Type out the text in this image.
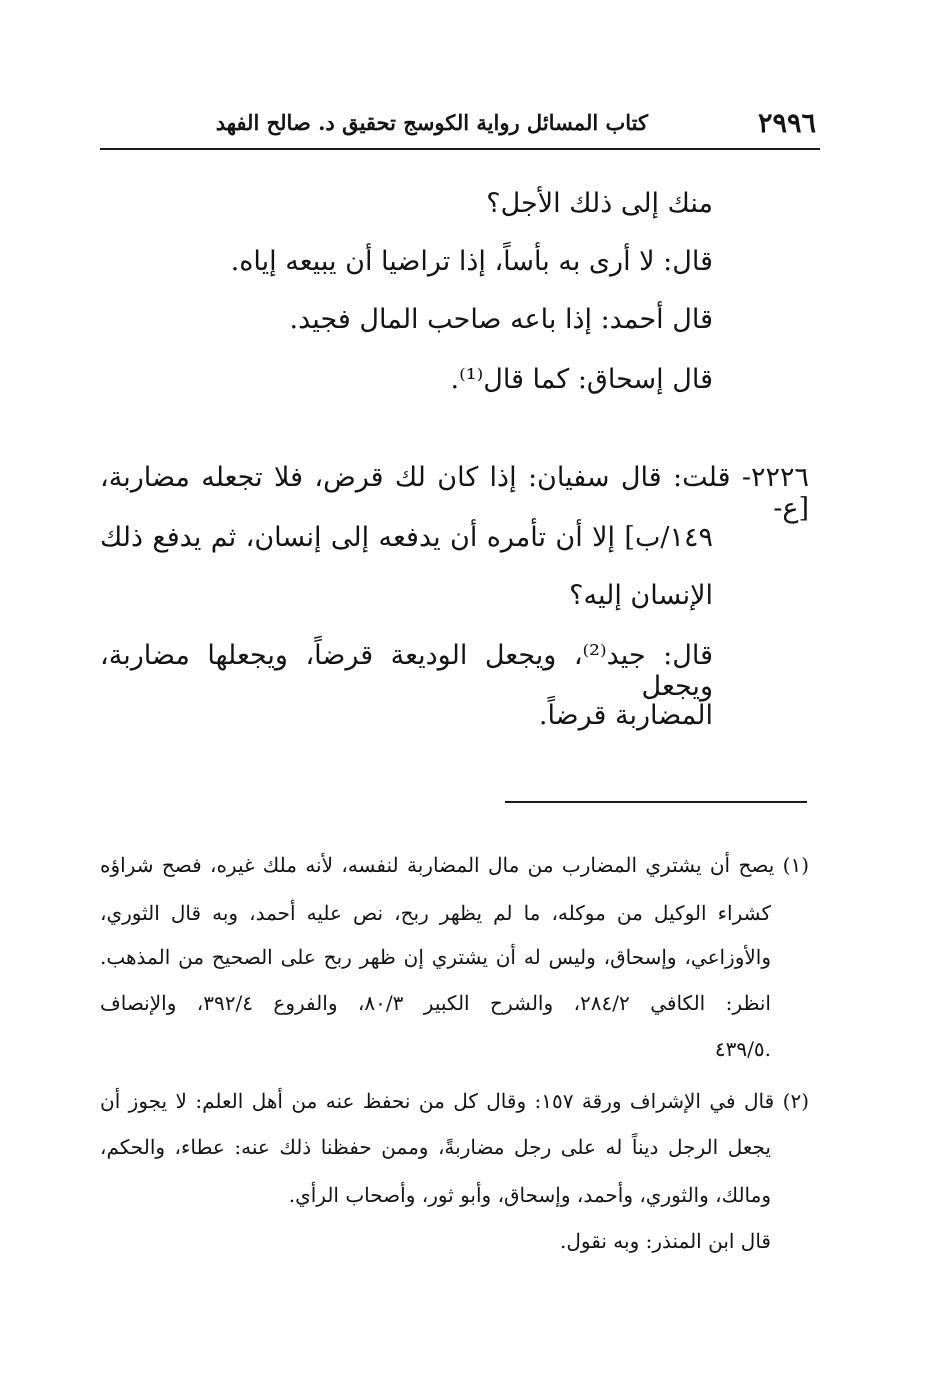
٢٩٩٦
كتاب المسائل رواية الكوسج تحقيق د. صالح الفهد
منك إلى ذلك الأجل؟
قال: لا أرى به بأساً، إذا تراضيا أن يبيعه إياه.
قال أحمد: إذا باعه صاحب المال فجيد.
قال إسحاق: كما قال⁽¹⁾.
٢٢٢٦- قلت: قال سفيان: إذا كان لك قرض، فلا تجعله مضاربة، [ع-
١٤٩/ب] إلا أن تأمره أن يدفعه إلى إنسان، ثم يدفع ذلك
الإنسان إليه؟
قال: جيد⁽²⁾، ويجعل الوديعة قرضاً، ويجعلها مضاربة، ويجعل
المضاربة قرضاً.
(١) يصح أن يشتري المضارب من مال المضاربة لنفسه، لأنه ملك غيره، فصح شراؤه
كشراء الوكيل من موكله، ما لم يظهر ربح، نص عليه أحمد، وبه قال الثوري،
والأوزاعي، وإسحاق، وليس له أن يشتري إن ظهر ربح على الصحيح من المذهب.
انظر: الكافي ٢٨٤/٢، والشرح الكبير ٨٠/٣، والفروع ٣٩٢/٤، والإنصاف
٤٣٩/٥.
(٢) قال في الإشراف ورقة ١٥٧: وقال كل من نحفظ عنه من أهل العلم: لا يجوز أن
يجعل الرجل ديناً له على رجل مضاربةً، وممن حفظنا ذلك عنه: عطاء، والحكم،
ومالك، والثوري، وأحمد، وإسحاق، وأبو ثور، وأصحاب الرأي.
قال ابن المنذر: وبه نقول.
